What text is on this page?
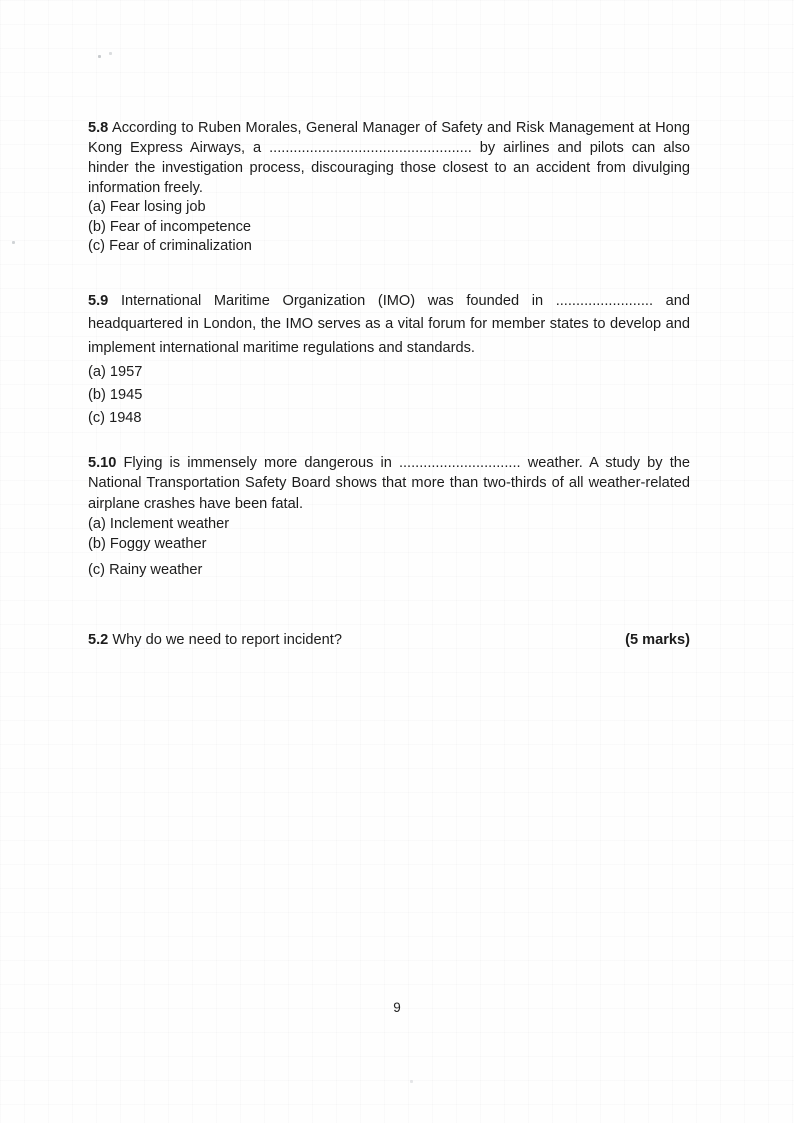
5.8 According to Ruben Morales, General Manager of Safety and Risk Management at Hong Kong Express Airways, a .................................................. by airlines and pilots can also hinder the investigation process, discouraging those closest to an accident from divulging information freely.

(a) Fear losing job
(b) Fear of incompetence
(c) Fear of criminalization

5.9 International Maritime Organization (IMO) was founded in ........................ and headquartered in London, the IMO serves as a vital forum for member states to develop and implement international maritime regulations and standards.

(a) 1957
(b) 1945
(c) 1948

5.10 Flying is immensely more dangerous in .............................. weather. A study by the National Transportation Safety Board shows that more than two-thirds of all weather-related airplane crashes have been fatal.

(a) Inclement weather
(b) Foggy weather
(c) Rainy weather

5.2 Why do we need to report incident?	(5 marks)
9
